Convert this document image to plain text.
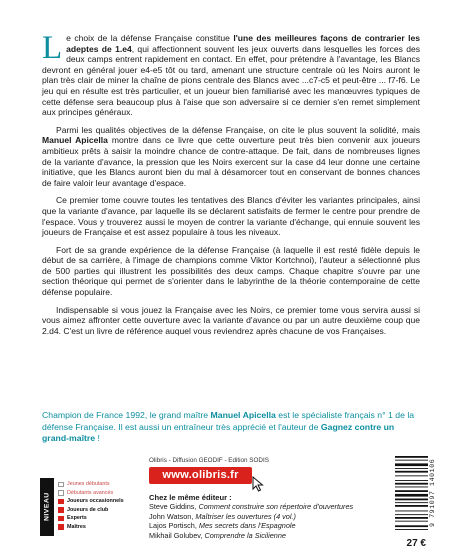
Le choix de la défense Française constitue l'une des meilleures façons de contrarier les adeptes de 1.e4, qui affectionnent souvent les jeux ouverts dans lesquelles les forces des deux camps entrent rapidement en contact. En effet, pour prétendre à l'avantage, les Blancs devront en général jouer e4-e5 tôt ou tard, amenant une structure centrale où les Noirs auront le plan très clair de miner la chaîne de pions centrale des Blancs avec ...c7-c5 et peut-être ... f7-f6. Le jeu qui en résulte est très particulier, et un joueur bien familiarisé avec les manœuvres typiques de cette défense sera beaucoup plus à l'aise que son adversaire si ce dernier s'en remet simplement aux principes généraux.

Parmi les qualités objectives de la défense Française, on cite le plus souvent la solidité, mais Manuel Apicella montre dans ce livre que cette ouverture peut très bien convenir aux joueurs ambitieux prêts à saisir la moindre chance de contre-attaque. De fait, dans de nombreuses lignes de la variante d'avance, la pression que les Noirs exercent sur la case d4 leur donne une certaine initiative, que les Blancs auront bien du mal à désamorcer tout en conservant de bonnes chances de faire valoir leur avantage d'espace.

Ce premier tome couvre toutes les tentatives des Blancs d'éviter les variantes principales, ainsi que la variante d'avance, par laquelle ils se déclarent satisfaits de fermer le centre pour prendre de l'espace. Vous y trouverez aussi le moyen de contrer la variante d'échange, qui ennuie souvent les joueurs de Française et est assez populaire à tous les niveaux.

Fort de sa grande expérience de la défense Française (à laquelle il est resté fidèle depuis le début de sa carrière, à l'image de champions comme Viktor Kortchnoi), l'auteur a sélectionné plus de 500 parties qui illustrent les possibilités des deux camps. Chaque chapitre s'ouvre par une section théorique qui permet de s'orienter dans le labyrinthe de la théorie contemporaine de cette défense populaire.

Indispensable si vous jouez la Française avec les Noirs, ce premier tome vous servira aussi si vous aimez affronter cette ouverture avec la variante d'avance ou par un autre deuxième coup que 2.d4. C'est un livre de référence auquel vous reviendrez après chacune de vos Françaises.

Champion de France 1992, le grand maître Manuel Apicella est le spécialiste français n° 1 de la défense Française. Il est aussi un entraîneur très apprécié et l'auteur de Gagnez contre un grand-maître !
Olibris - Diffusion GEODIF - Edition SODIS
www.olibris.fr
NIVEAU
Jeunes débutants
Débutants avancés
Joueurs occasionnels
Joueurs de club
Experts
Maîtres
Chez le même éditeur :
Steve Giddins, Comment construire son répertoire d'ouvertures
John Watson, Maîtriser les ouvertures (4 vol.)
Lajos Portisch, Mes secrets dans l'Espagnole
Mikhail Golubev, Comprendre la Sicilienne
9 791097 140106
27 €
